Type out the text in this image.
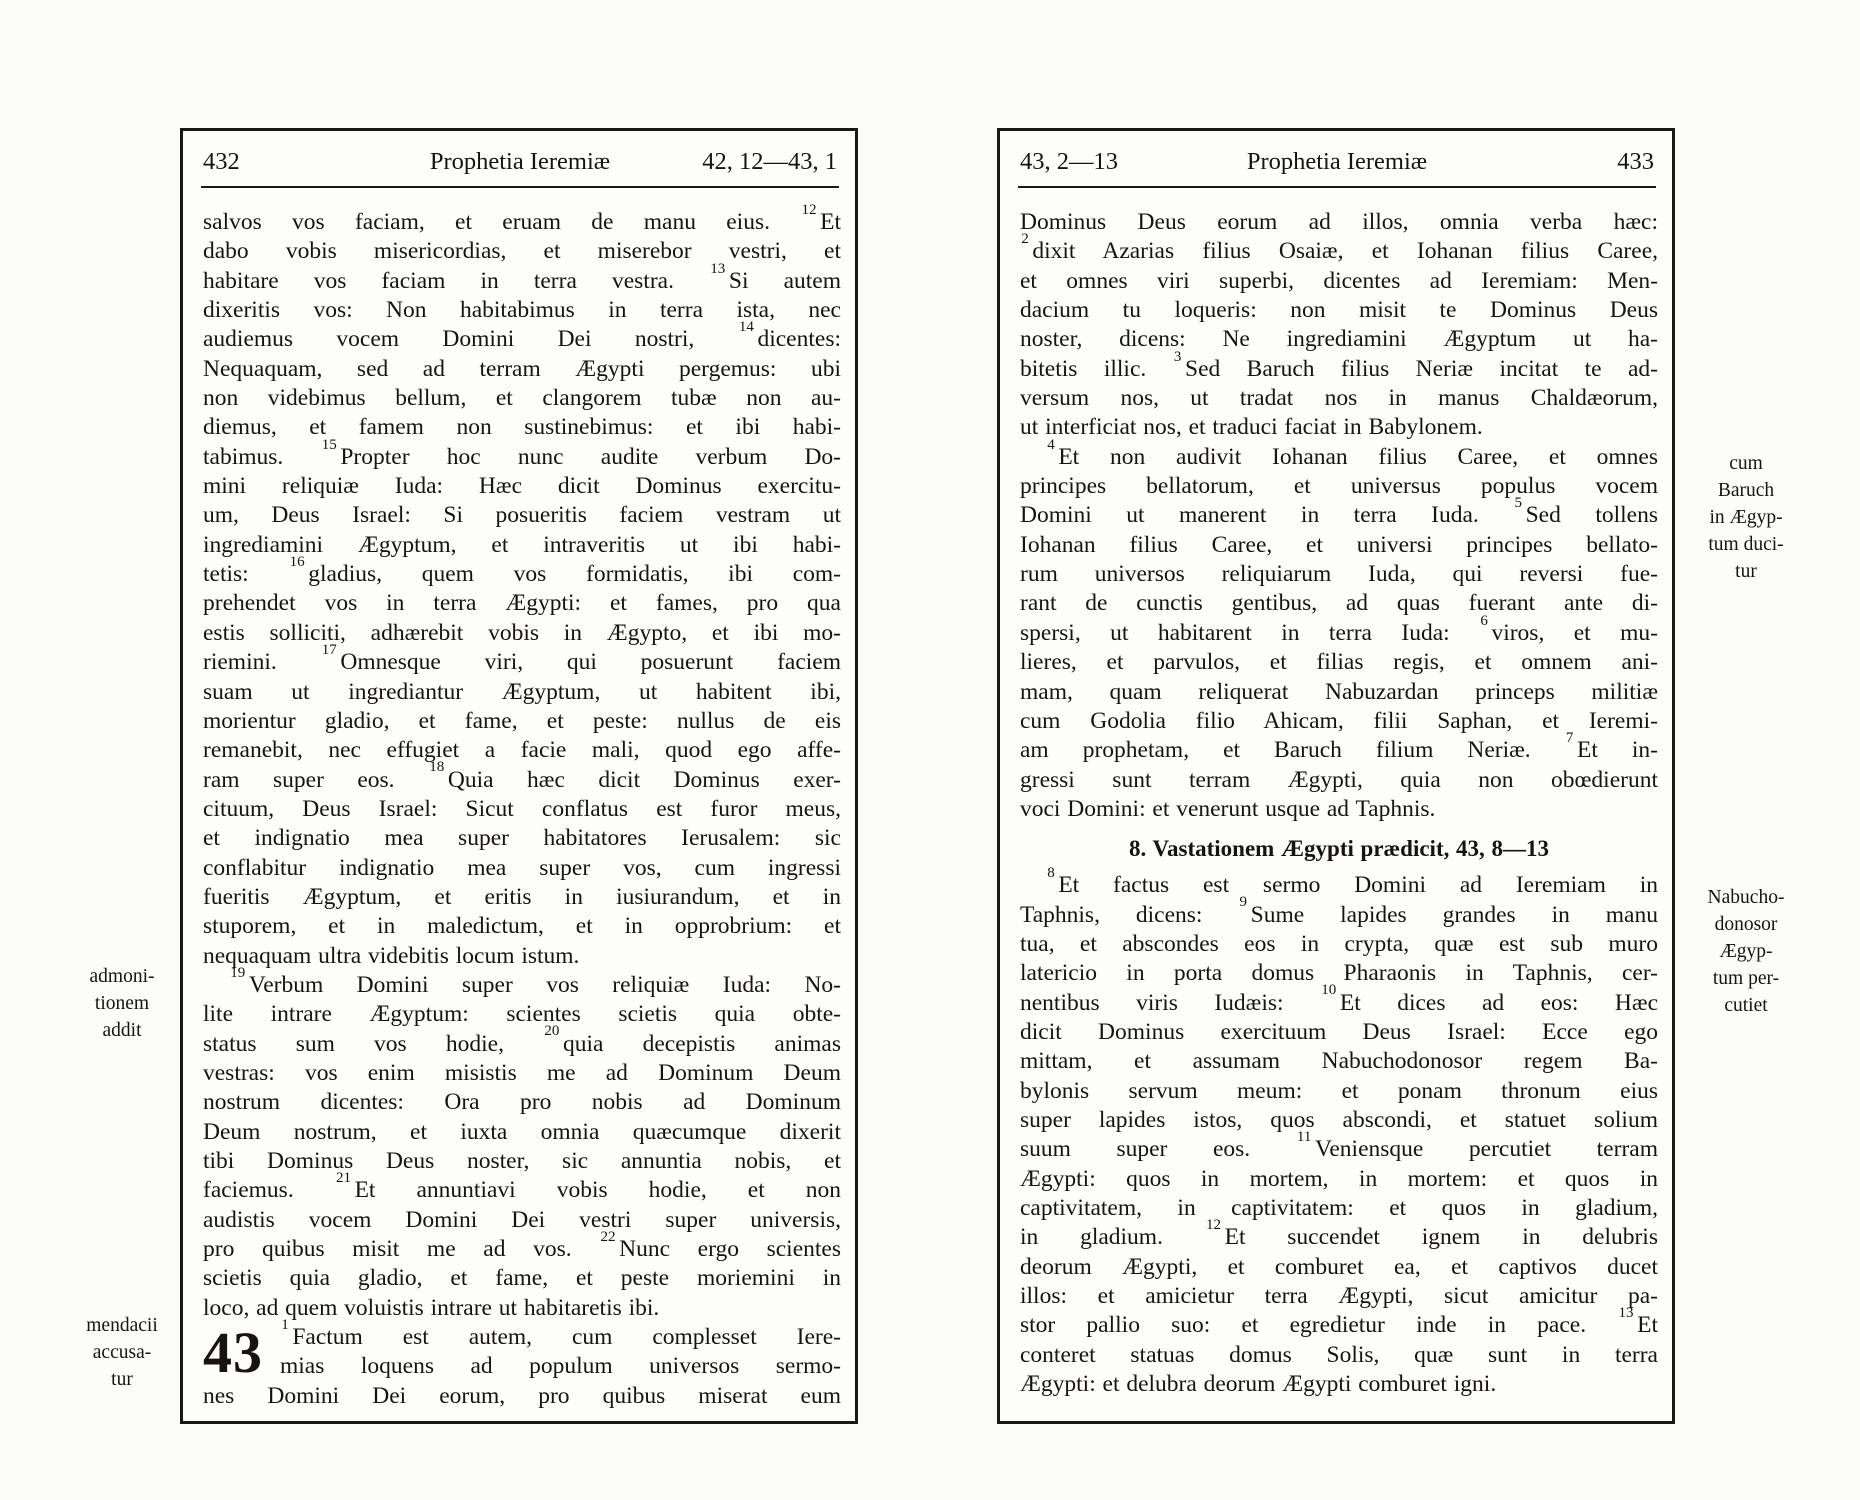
432	Prophetia Ieremiæ	42, 12—43, 1
salvos vos faciam, et eruam de manu eius. $^{12}$ Et
dabo vobis misericordias, et miserebor vestri, et
habitare vos faciam in terra vestra. $^{13}$ Si autem
dixeritis vos: Non habitabimus in terra ista, nec
audiemus vocem Domini Dei nostri, $^{14}$ dicentes:
Nequaquam, sed ad terram Ægypti pergemus: ubi
non videbimus bellum, et clangorem tubæ non au-
diemus, et famem non sustinebimus: et ibi habi-
tabimus. $^{15}$ Propter hoc nunc audite verbum Do-
mini reliquiæ Iuda: Hæc dicit Dominus exercitu-
um, Deus Israel: Si posueritis faciem vestram ut
ingrediamini Ægyptum, et intraveritis ut ibi habi-
tetis: $^{16}$ gladius, quem vos formidatis, ibi com-
prehendet vos in terra Ægypti: et fames, pro qua
estis solliciti, adhærebit vobis in Ægypto, et ibi mo-
riemini. $^{17}$ Omnesque viri, qui posuerunt faciem
suam ut ingrediantur Ægyptum, ut habitent ibi,
morientur gladio, et fame, et peste: nullus de eis
remanebit, nec effugiet a facie mali, quod ego affe-
ram super eos. $^{18}$ Quia hæc dicit Dominus exer-
cituum, Deus Israel: Sicut conflatus est furor meus,
et indignatio mea super habitatores Ierusalem: sic
conflabitur indignatio mea super vos, cum ingressi
fueritis Ægyptum, et eritis in iusiurandum, et in
stuporem, et in maledictum, et in opprobrium: et
nequaquam ultra videbitis locum istum.
$^{19}$ Verbum Domini super vos reliquiæ Iuda: No-
lite intrare Ægyptum: scientes scietis quia obte-
status sum vos hodie, $^{20}$ quia decepistis animas
vestras: vos enim misistis me ad Dominum Deum
nostrum dicentes: Ora pro nobis ad Dominum
Deum nostrum, et iuxta omnia quæcumque dixerit
tibi Dominus Deus noster, sic annuntia nobis, et
faciemus. $^{21}$ Et annuntiavi vobis hodie, et non
audistis vocem Domini Dei vestri super universis,
pro quibus misit me ad vos. $^{22}$ Nunc ergo scientes
scietis quia gladio, et fame, et peste moriemini in
loco, ad quem voluistis intrare ut habitaretis ibi.
43	$^1$ Factum est autem, cum complesset Iere-
mias loquens ad populum universos sermo-
nes Domini Dei eorum, pro quibus miserat eum
43, 2—13	Prophetia Ieremiæ	433
Dominus Deus eorum ad illos, omnia verba hæc:
$^2$ dixit Azarias filius Osaiæ, et Iohanan filius Caree,
et omnes viri superbi, dicentes ad Ieremiam: Men-
dacium tu loqueris: non misit te Dominus Deus
noster, dicens: Ne ingrediamini Ægyptum ut ha-
bitetis illic. $^3$ Sed Baruch filius Neriæ incitat te ad-
versum nos, ut tradat nos in manus Chaldæorum,
ut interficiat nos, et traduci faciat in Babylonem.
$^4$ Et non audivit Iohanan filius Caree, et omnes
principes bellatorum, et universus populus vocem
Domini ut manerent in terra Iuda. $^5$ Sed tollens
Iohanan filius Caree, et universi principes bellato-
rum universos reliquiarum Iuda, qui reversi fue-
rant de cunctis gentibus, ad quas fuerant ante di-
spersi, ut habitarent in terra Iuda: $^6$ viros, et mu-
lieres, et parvulos, et filias regis, et omnem ani-
mam, quam reliquerat Nabuzardan princeps militiæ
cum Godolia filio Ahicam, filii Saphan, et Ieremi-
am prophetam, et Baruch filium Neriæ. $^7$ Et in-
gressi sunt terram Ægypti, quia non obœdierunt
voci Domini: et venerunt usque ad Taphnis.
8. Vastationem Ægypti prædicit, 43, 8—13
$^8$ Et factus est sermo Domini ad Ieremiam in
Taphnis, dicens: $^9$ Sume lapides grandes in manu
tua, et abscondes eos in crypta, quæ est sub muro
latericio in porta domus Pharaonis in Taphnis, cer-
nentibus viris Iudæis: $^{10}$ Et dices ad eos: Hæc
dicit Dominus exercituum Deus Israel: Ecce ego
mittam, et assumam Nabuchodonosor regem Ba-
bylonis servum meum: et ponam thronum eius
super lapides istos, quos abscondi, et statuet solium
suum super eos. $^{11}$ Veniensque percutiet terram
Ægypti: quos in mortem, in mortem: et quos in
captivitatem, in captivitatem: et quos in gladium,
in gladium. $^{12}$ Et succendet ignem in delubris
deorum Ægypti, et comburet ea, et captivos ducet
illos: et amicietur terra Ægypti, sicut amicitur pa-
stor pallio suo: et egredietur inde in pace. $^{13}$ Et
conteret statuas domus Solis, quæ sunt in terra
Ægypti: et delubra deorum Ægypti comburet igni.
admoni-
tionem
addit
mendacii
accusa-
tur
cum
Baruch
in Ægyp-
tum duci-
tur
Nabucho-
donosor
Ægyp-
tum per-
cutiet
